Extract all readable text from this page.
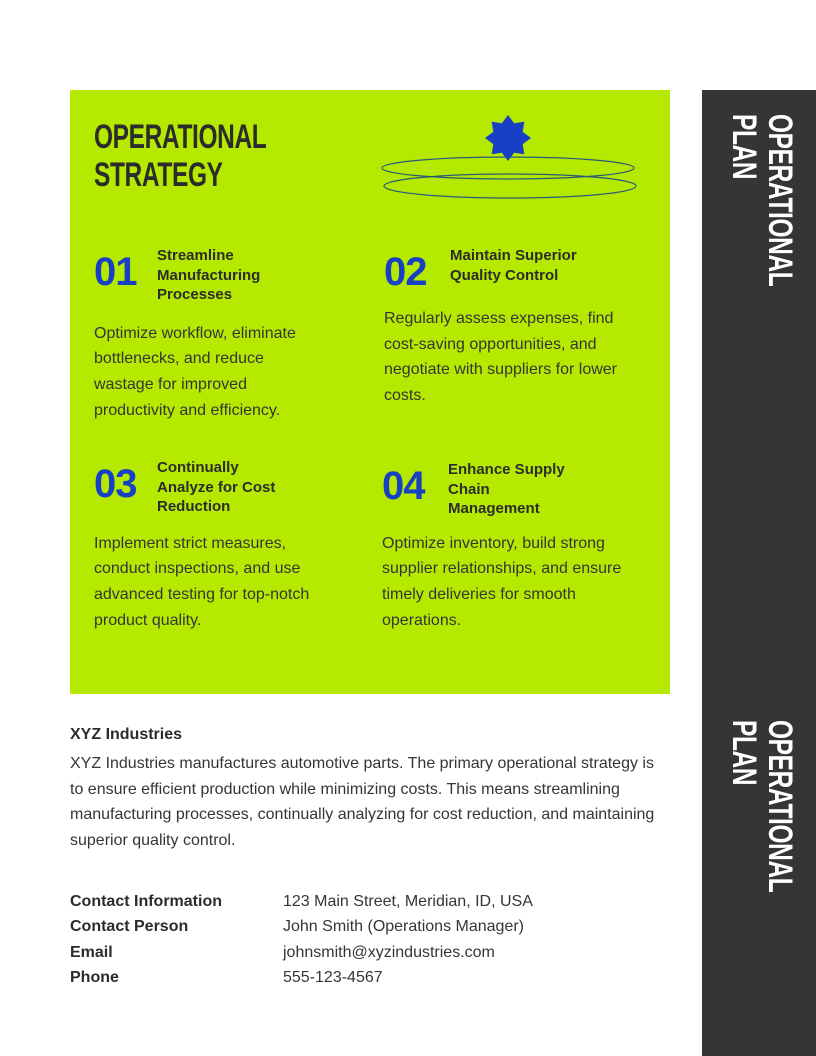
OPERATIONAL
STRATEGY
01	Streamline Manufacturing Processes
Optimize workflow, eliminate bottlenecks, and reduce wastage for improved productivity and efficiency.
02	Maintain Superior Quality Control
Regularly assess expenses, find cost-saving opportunities, and negotiate with suppliers for lower costs.
03	Continually Analyze for Cost Reduction
Implement strict measures, conduct inspections, and use advanced testing for top-notch product quality.
04	Enhance Supply Chain Management
Optimize inventory, build strong supplier relationships, and ensure timely deliveries for smooth operations.
OPERATIONAL
PLAN
OPERATIONAL
PLAN
XYZ Industries
XYZ Industries manufactures automotive parts. The primary operational strategy is to ensure efficient production while minimizing costs. This means streamlining manufacturing processes, continually analyzing for cost reduction, and maintaining superior quality control.
Contact Information	123 Main Street, Meridian, ID, USA
Contact Person	John Smith (Operations Manager)
Email	johnsmith@xyzindustries.com
Phone	555-123-4567
